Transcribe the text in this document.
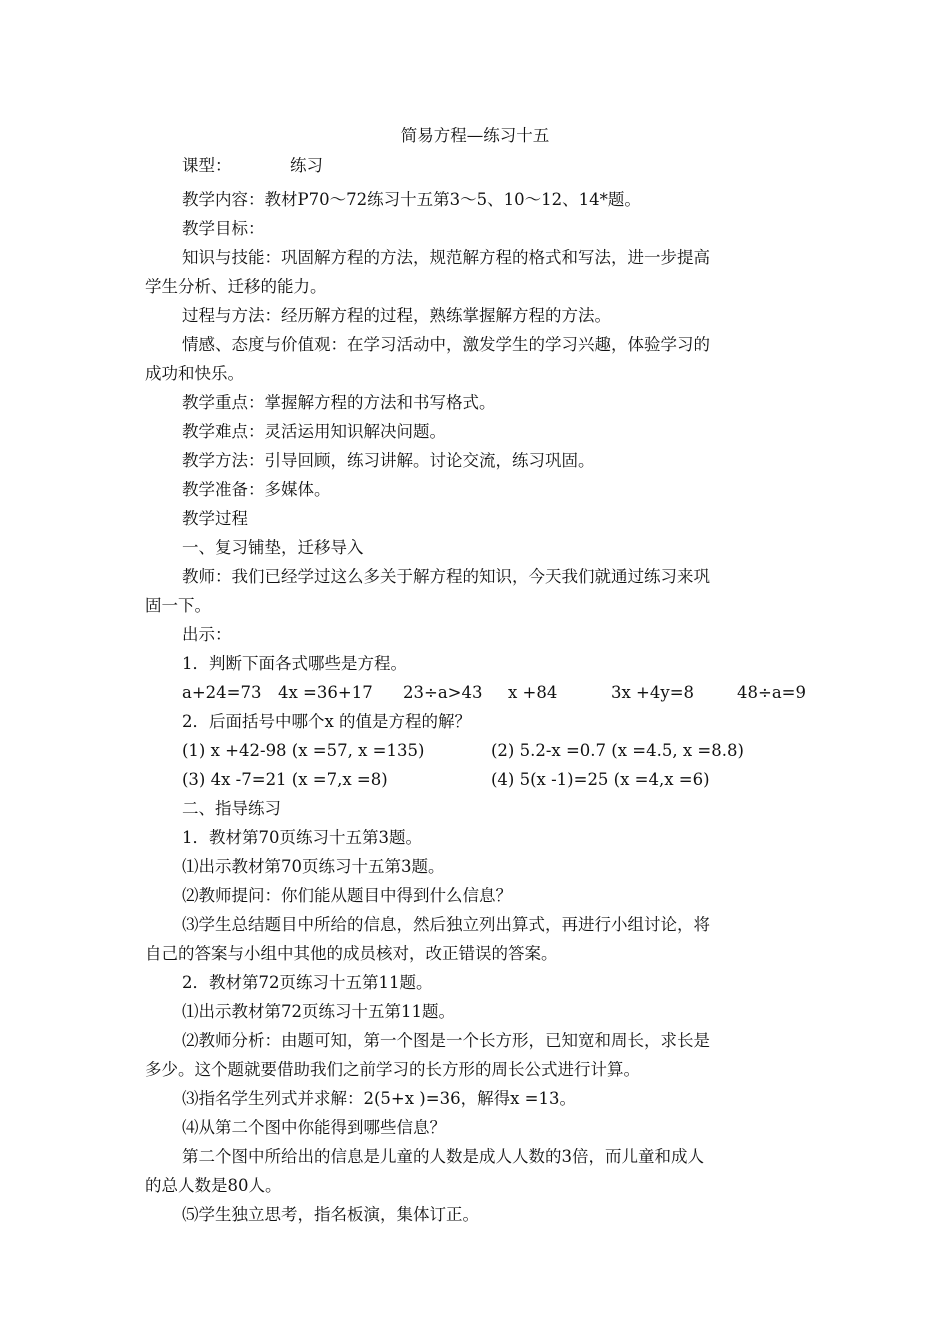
简易方程—练习十五
课型：	练习
教学内容：教材P70～72练习十五第3～5、10～12、14*题。
教学目标：
知识与技能：巩固解方程的方法，规范解方程的格式和写法，进一步提高
学生分析、迁移的能力。
过程与方法：经历解方程的过程，熟练掌握解方程的方法。
情感、态度与价值观：在学习活动中，激发学生的学习兴趣，体验学习的
成功和快乐。
教学重点：掌握解方程的方法和书写格式。
教学难点：灵活运用知识解决问题。
教学方法：引导回顾，练习讲解。讨论交流，练习巩固。
教学准备：多媒体。
教学过程
一、复习铺垫，迁移导入
教师：我们已经学过这么多关于解方程的知识，今天我们就通过练习来巩
固一下。
出示：
1．判断下面各式哪些是方程。
a+24=73 4x =36+17 23÷a>43 x +84	3x +4y=8	48÷a=9
2．后面括号中哪个x 的值是方程的解？
(1) x +42-98 (x =57, x =135)	(2) 5.2-x =0.7 (x =4.5, x =8.8)
(3) 4x -7=21 (x =7,x =8)	(4) 5(x -1)=25 (x =4,x =6)
二、指导练习
1．教材第70页练习十五第3题。
⑴出示教材第70页练习十五第3题。
⑵教师提问：你们能从题目中得到什么信息？
⑶学生总结题目中所给的信息，然后独立列出算式，再进行小组讨论，将
自己的答案与小组中其他的成员核对，改正错误的答案。
2．教材第72页练习十五第11题。
⑴出示教材第72页练习十五第11题。
⑵教师分析：由题可知，第一个图是一个长方形，已知宽和周长，求长是
多少。这个题就要借助我们之前学习的长方形的周长公式进行计算。
⑶指名学生列式并求解：2(5+x )=36，解得x =13。
⑷从第二个图中你能得到哪些信息？
第二个图中所给出的信息是儿童的人数是成人人数的3倍，而儿童和成人
的总人数是80人。
⑸学生独立思考，指名板演，集体订正。
